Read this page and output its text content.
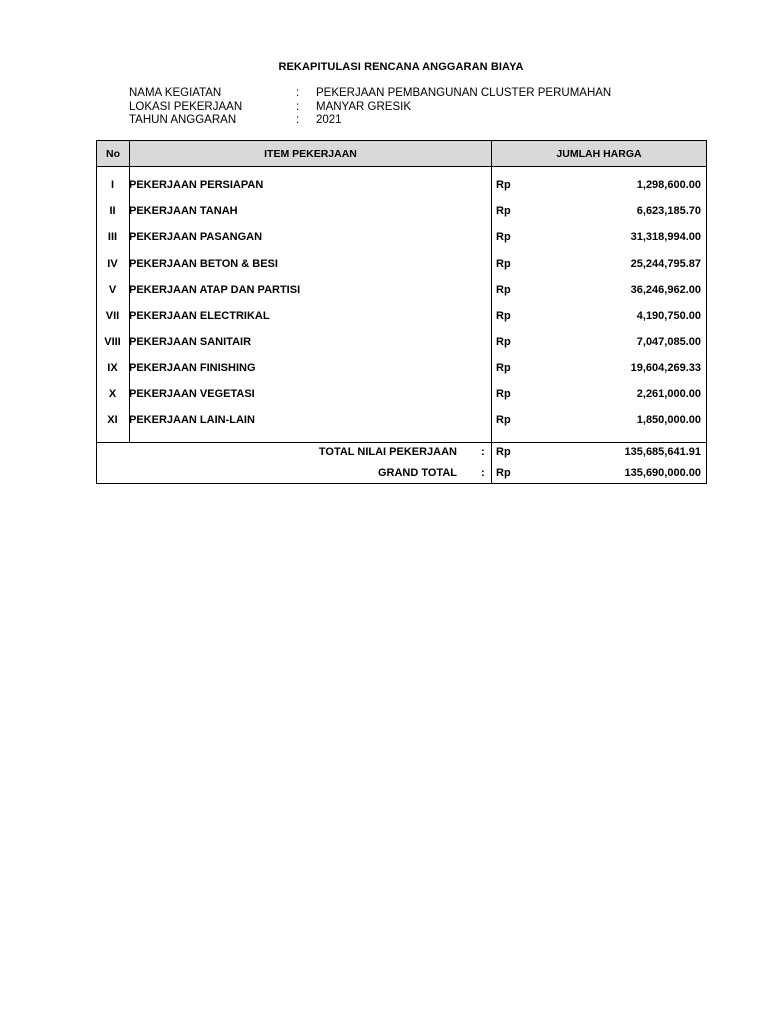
REKAPITULASI RENCANA ANGGARAN BIAYA
NAMA KEGIATAN	: PEKERJAAN PEMBANGUNAN CLUSTER PERUMAHAN
LOKASI PEKERJAAN	: MANYAR GRESIK
TAHUN ANGGARAN	: 2021
No	ITEM PEKERJAAN	JUMLAH HARGA
I	PEKERJAAN PERSIAPAN	Rp	1,298,600.00
II	PEKERJAAN TANAH	Rp	6,623,185.70
III	PEKERJAAN PASANGAN	Rp	31,318,994.00
IV	PEKERJAAN BETON & BESI	Rp	25,244,795.87
V	PEKERJAAN ATAP DAN PARTISI	Rp	36,246,962.00
VII PEKERJAAN ELECTRIKAL	Rp	4,190,750.00
VIII PEKERJAAN SANITAIR	Rp	7,047,085.00
IX	PEKERJAAN FINISHING	Rp	19,604,269.33
X	PEKERJAAN VEGETASI	Rp	2,261,000.00
XI	PEKERJAAN LAIN-LAIN	Rp	1,850,000.00
TOTAL NILAI PEKERJAAN : Rp	135,685,641.91
GRAND TOTAL : Rp	135,690,000.00
